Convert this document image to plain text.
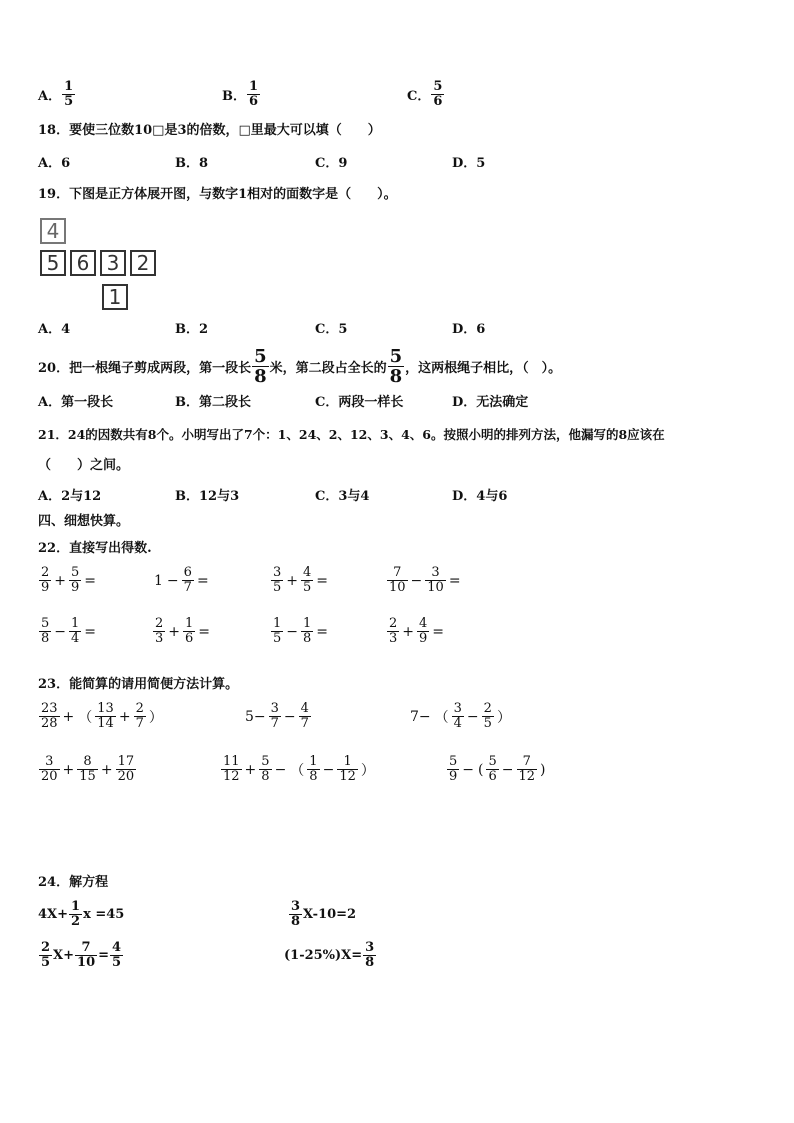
A． $\frac{1}{5}$	B． $\frac{1}{6}$	C． $\frac{5}{6}$
18．要使三位数10□是3的倍数，□里最大可以填（　　）
A．6	B．8	C．9	D．5
19．下图是正方体展开图，与数字1相对的面数字是（　　）。
4
5 6 3 2
1
A．4	B．2	C．5	D．6
20．把一根绳子剪成两段，第一段长 $\frac{5}{8}$ 米，第二段占全长的 $\frac{5}{8}$ ，这两根绳子相比，（　）。
A．第一段长	B．第二段长	C．两段一样长	D．无法确定
21．24的因数共有8个。小明写出了7个：1、24、2、12、3、4、6。按照小明的排列方法，他漏写的8应该在
（　　）之间。
A．2与12	B．12与3	C．3与4	D．4与6
四、细想快算。
22．直接写出得数.
$\frac{2}{9} + \frac{5}{9}$ =	$1 - \frac{6}{7}$ =	$\frac{3}{5} + \frac{4}{5}$ =	$\frac{7}{10} - \frac{3}{10}$ =
$\frac{5}{8} - \frac{1}{4}$ =	$\frac{2}{3} + \frac{1}{6}$ =	$\frac{1}{5} - \frac{1}{8}$ =	$\frac{2}{3} + \frac{4}{9}$ =
23．能简算的请用简便方法计算。
$\frac{23}{28}$ + （ $\frac{13}{14} + \frac{2}{7}$ ）	$5- \frac{3}{7} - \frac{4}{7}$	7− （ $\frac{3}{4} - \frac{2}{5}$ ）
$\frac{3}{20} + \frac{8}{15} + \frac{17}{20}$	$\frac{11}{12} + \frac{5}{8}$ − （ $\frac{1}{8} - \frac{1}{12}$ ）	$\frac{5}{9}$ − ( $\frac{5}{6} - \frac{7}{12}$ )
24．解方程
$4X+ \frac{1}{2}$ x =45	$\frac{3}{8} X-10=2$
$\frac{2}{5} X+ \frac{7}{10} = \frac{4}{5}$	$(1-25\%)X= \frac{3}{8}$
